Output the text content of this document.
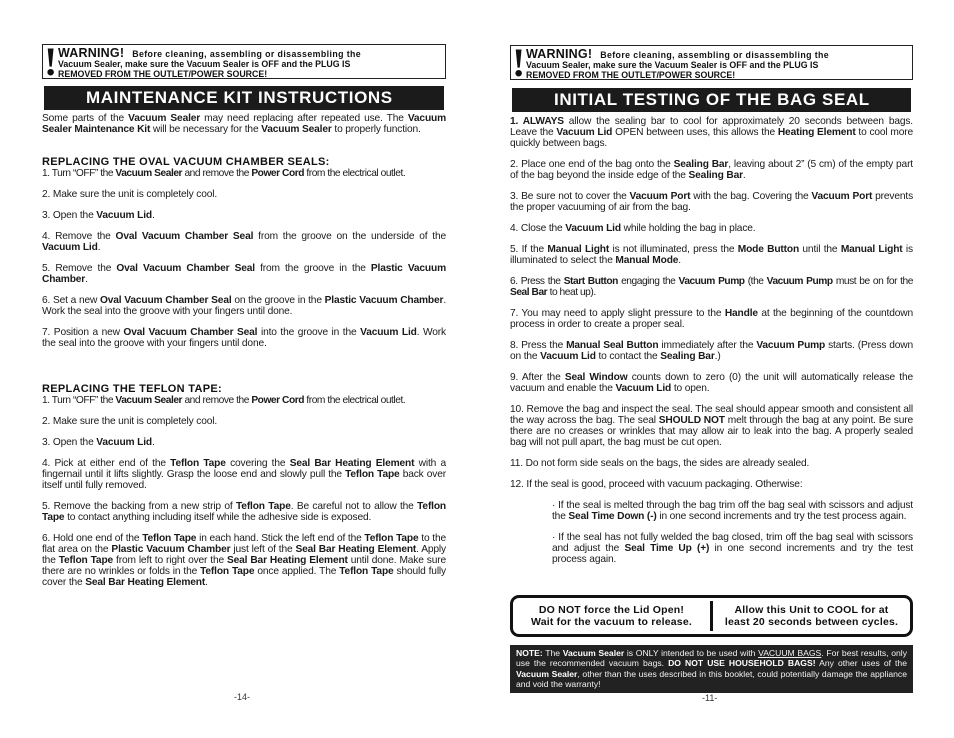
! WARNING! Before cleaning, assembling or disassembling the
Vacuum Sealer, make sure the Vacuum Sealer is OFF and the PLUG IS
REMOVED FROM THE OUTLET/POWER SOURCE!
MAINTENANCE KIT INSTRUCTIONS

Some parts of the Vacuum Sealer may need replacing after repeated use. The Vacuum Sealer Maintenance Kit will be necessary for the Vacuum Sealer to properly function.

REPLACING THE OVAL VACUUM CHAMBER SEALS:

1. Turn “OFF” the Vacuum Sealer and remove the Power Cord from the electrical outlet.

2. Make sure the unit is completely cool.

3. Open the Vacuum Lid.

4. Remove the Oval Vacuum Chamber Seal from the groove on the underside of the Vacuum Lid.

5. Remove the Oval Vacuum Chamber Seal from the groove in the Plastic Vacuum Chamber.

6. Set a new Oval Vacuum Chamber Seal on the groove in the Plastic Vacuum Chamber. Work the seal into the groove with your fingers until done.

7. Position a new Oval Vacuum Chamber Seal into the groove in the Vacuum Lid. Work the seal into the groove with your fingers until done.

REPLACING THE TEFLON TAPE:

1. Turn “OFF” the Vacuum Sealer and remove the Power Cord from the electrical outlet.

2. Make sure the unit is completely cool.

3. Open the Vacuum Lid.

4. Pick at either end of the Teflon Tape covering the Seal Bar Heating Element with a fingernail until it lifts slightly. Grasp the loose end and slowly pull the Teflon Tape back over itself until fully removed.

5. Remove the backing from a new strip of Teflon Tape. Be careful not to allow the Teflon Tape to contact anything including itself while the adhesive side is exposed.

6. Hold one end of the Teflon Tape in each hand. Stick the left end of the Teflon Tape to the flat area on the Plastic Vacuum Chamber just left of the Seal Bar Heating Element. Apply the Teflon Tape from left to right over the Seal Bar Heating Element until done. Make sure there are no wrinkles or folds in the Teflon Tape once applied. The Teflon Tape should fully cover the Seal Bar Heating Element.

-14-
! WARNING! Before cleaning, assembling or disassembling the
Vacuum Sealer, make sure the Vacuum Sealer is OFF and the PLUG IS
REMOVED FROM THE OUTLET/POWER SOURCE!
INITIAL TESTING OF THE BAG SEAL

1. ALWAYS allow the sealing bar to cool for approximately 20 seconds between bags. Leave the Vacuum Lid OPEN between uses, this allows the Heating Element to cool more quickly between bags.

2. Place one end of the bag onto the Sealing Bar, leaving about 2” (5 cm) of the empty part of the bag beyond the inside edge of the Sealing Bar.

3. Be sure not to cover the Vacuum Port with the bag. Covering the Vacuum Port prevents the proper vacuuming of air from the bag.

4. Close the Vacuum Lid while holding the bag in place.

5. If the Manual Light is not illuminated, press the Mode Button until the Manual Light is illuminated to select the Manual Mode.

6. Press the Start Button engaging the Vacuum Pump (the Vacuum Pump must be on for the Seal Bar to heat up).

7. You may need to apply slight pressure to the Handle at the beginning of the countdown process in order to create a proper seal.

8. Press the Manual Seal Button immediately after the Vacuum Pump starts. (Press down on the Vacuum Lid to contact the Sealing Bar.)

9. After the Seal Window counts down to zero (0) the unit will automatically release the vacuum and enable the Vacuum Lid to open.

10. Remove the bag and inspect the seal. The seal should appear smooth and consistent all the way across the bag. The seal SHOULD NOT melt through the bag at any point. Be sure there are no creases or wrinkles that may allow air to leak into the bag. A properly sealed bag will not pull apart, the bag must be cut open.

11. Do not form side seals on the bags, the sides are already sealed.

12. If the seal is good, proceed with vacuum packaging. Otherwise:

· If the seal is melted through the bag trim off the bag seal with scissors and adjust the Seal Time Down (-) in one second increments and try the test process again.

· If the seal has not fully welded the bag closed, trim off the bag seal with scissors and adjust the Seal Time Up (+) in one second increments and try the test process again.

DO NOT force the Lid Open!
Wait for the vacuum to release.
Allow this Unit to COOL for at
least 20 seconds between cycles.
NOTE: The Vacuum Sealer is ONLY intended to be used with VACUUM BAGS. For best results, only use the recommended vacuum bags. DO NOT USE HOUSEHOLD BAGS! Any other uses of the Vacuum Sealer, other than the uses described in this booklet, could potentially damage the appliance and void the warranty!
-11-
